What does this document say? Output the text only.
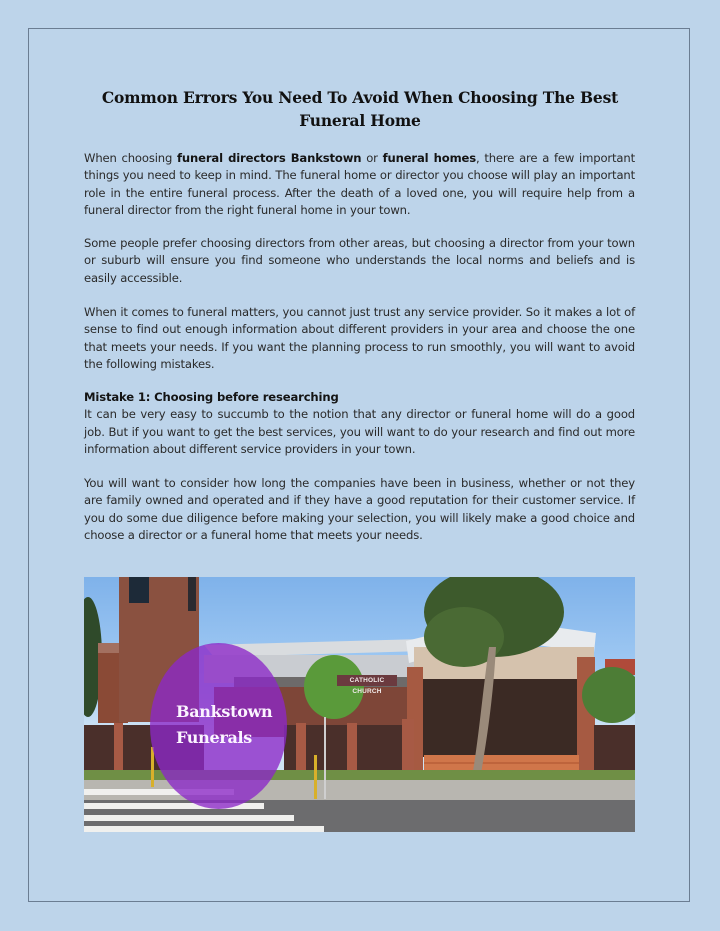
Common Errors You Need To Avoid When Choosing The Best
Funeral Home
When choosing funeral directors Bankstown or funeral homes, there are a few important things you need to keep in mind. The funeral home or director you choose will play an important role in the entire funeral process. After the death of a loved one, you will require help from a funeral director from the right funeral home in your town.
Some people prefer choosing directors from other areas, but choosing a director from your town or suburb will ensure you find someone who understands the local norms and beliefs and is easily accessible.
When it comes to funeral matters, you cannot just trust any service provider. So it makes a lot of sense to find out enough information about different providers in your area and choose the one that meets your needs. If you want the planning process to run smoothly, you will want to avoid the following mistakes.
Mistake 1: Choosing before researching
It can be very easy to succumb to the notion that any director or funeral home will do a good job. But if you want to get the best services, you will want to do your research and find out more information about different service providers in your town.
You will want to consider how long the companies have been in business, whether or not they are family owned and operated and if they have a good reputation for their customer service. If you do some due diligence before making your selection, you will likely make a good choice and choose a director or a funeral home that meets your needs.
CATHOLIC CHURCH
Bankstown
Funerals
